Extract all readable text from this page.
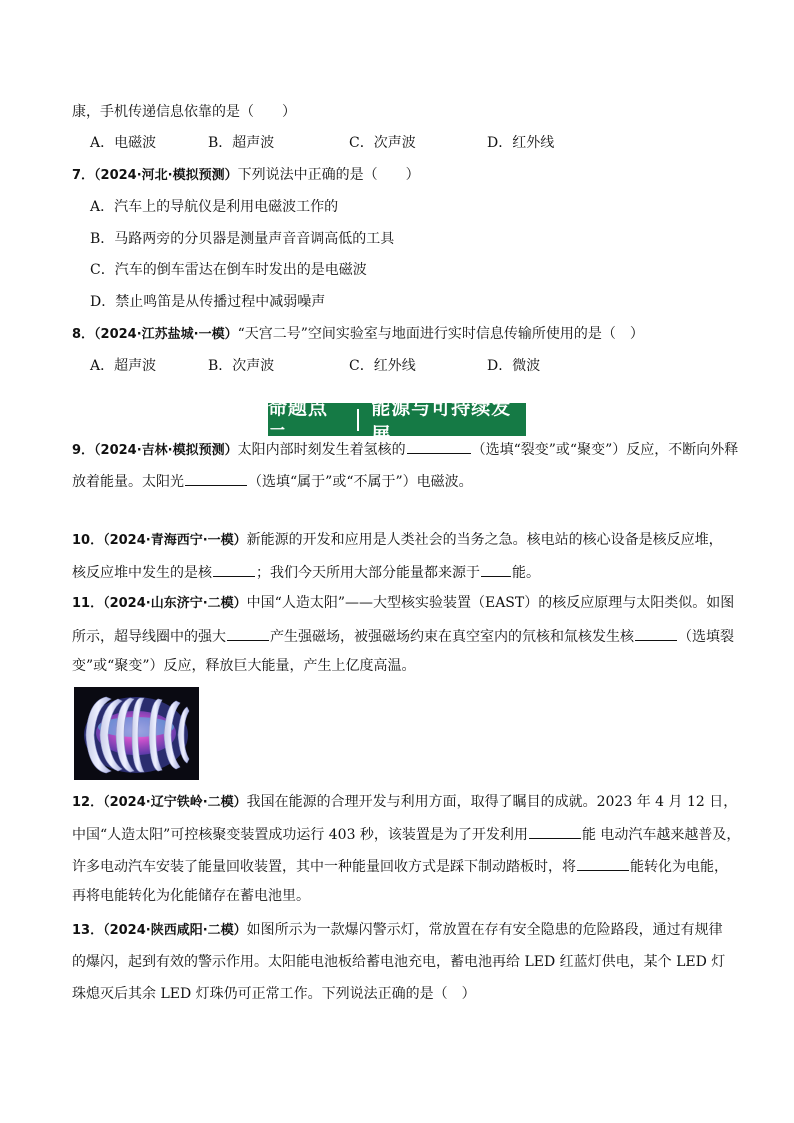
康，手机传递信息依靠的是（　　）
A．电磁波	B．超声波	C．次声波	D．红外线
7．（2024·河北·模拟预测）下列说法中正确的是（　　）
A．汽车上的导航仪是利用电磁波工作的
B．马路两旁的分贝器是测量声音音调高低的工具
C．汽车的倒车雷达在倒车时发出的是电磁波
D．禁止鸣笛是从传播过程中减弱噪声
8．（2024·江苏盐城·一模）“天宫二号”空间实验室与地面进行实时信息传输所使用的是（　）
A．超声波	B．次声波	C．红外线	D．微波
命题点二
能源与可持续发展
9．（2024·吉林·模拟预测）太阳内部时刻发生着氢核的	（选填“裂变”或“聚变”）反应，不断向外释
放着能量。太阳光	（选填“属于”或“不属于”）电磁波。
10．（2024·青海西宁·一模）新能源的开发和应用是人类社会的当务之急。核电站的核心设备是核反应堆，
核反应堆中发生的是核	；我们今天所用大部分能量都来源于 能。
11．（2024·山东济宁·二模）中国“人造太阳”——大型核实验装置（EAST）的核反应原理与太阳类似。如图
所示，超导线圈中的强大	产生强磁场，被强磁场约束在真空室内的氘核和氚核发生核	（选填裂
变”或“聚变”）反应，释放巨大能量，产生上亿度高温。
12．（2024·辽宁铁岭·二模）我国在能源的合理开发与利用方面，取得了瞩目的成就。2023 年 4 月 12 日，
中国“人造太阳”可控核聚变装置成功运行 403 秒，该装置是为了开发利用	能 电动汽车越来越普及，
许多电动汽车安装了能量回收装置，其中一种能量回收方式是踩下制动踏板时，将	能转化为电能，
再将电能转化为化能储存在蓄电池里。
13．（2024·陕西咸阳·二模）如图所示为一款爆闪警示灯，常放置在存有安全隐患的危险路段，通过有规律
的爆闪，起到有效的警示作用。太阳能电池板给蓄电池充电，蓄电池再给 LED 红蓝灯供电，某个 LED 灯
珠熄灭后其余 LED 灯珠仍可正常工作。下列说法正确的是（　）
